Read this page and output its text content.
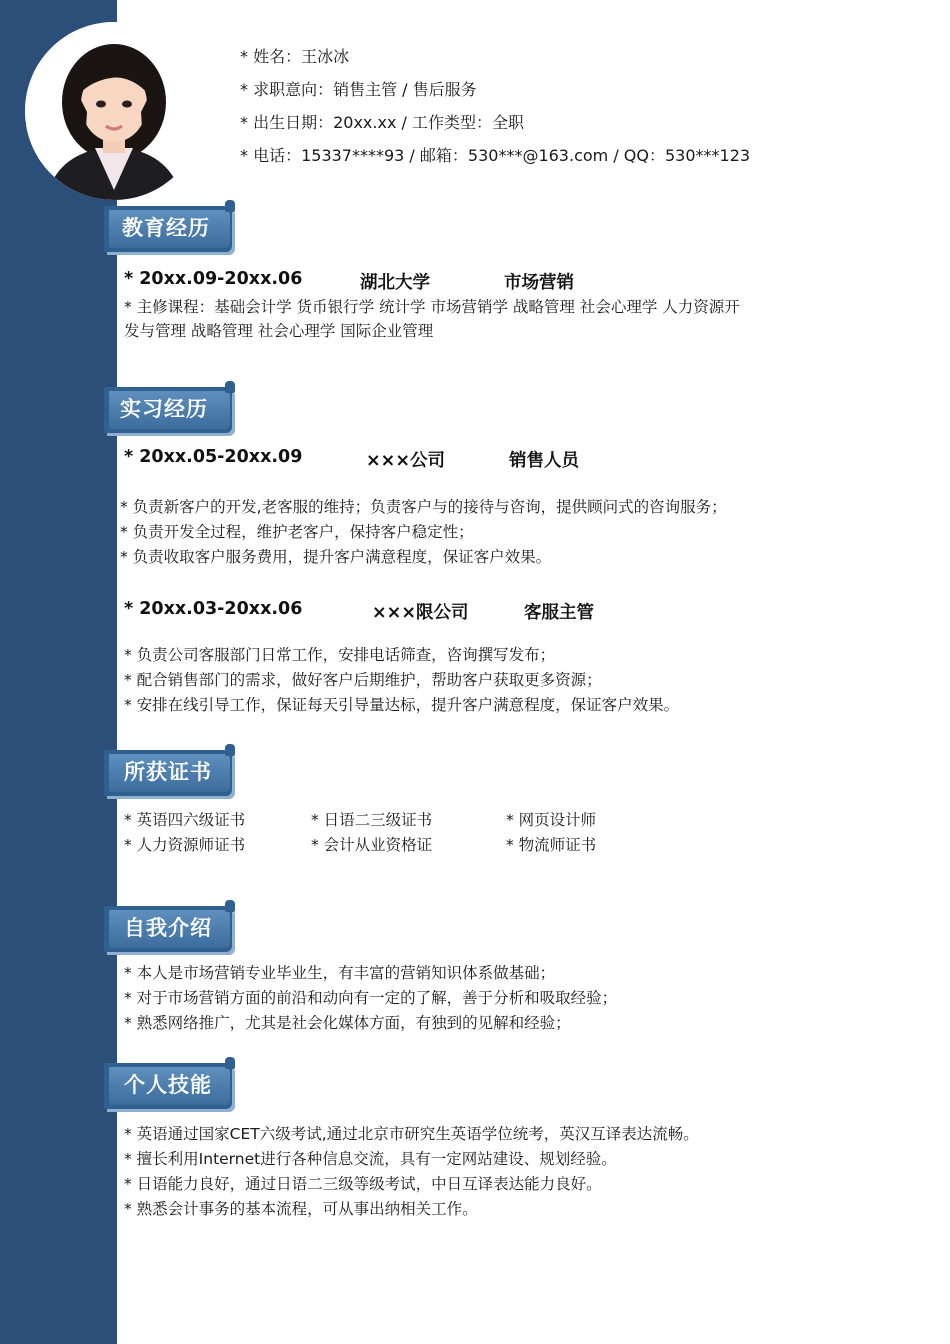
* 姓名：王冰冰
* 求职意向：销售主管 / 售后服务
* 出生日期：20xx.xx / 工作类型：全职
* 电话：15337****93 / 邮箱：530***@163.com / QQ：530***123
教育经历
* 20xx.09-20xx.06	湖北大学	市场营销
* 主修课程：基础会计学 货币银行学 统计学 市场营销学 战略管理 社会心理学 人力资源开
发与管理 战略管理 社会心理学 国际企业管理
实习经历
* 20xx.05-20xx.09	×××公司	销售人员
* 负责新客户的开发,老客服的维持；负责客户与的接待与咨询，提供顾问式的咨询服务；
* 负责开发全过程，维护老客户，保持客户稳定性；
* 负责收取客户服务费用，提升客户满意程度，保证客户效果。
* 20xx.03-20xx.06	×××限公司	客服主管
* 负责公司客服部门日常工作，安排电话筛查，咨询撰写发布；
* 配合销售部门的需求，做好客户后期维护，帮助客户获取更多资源；
* 安排在线引导工作，保证每天引导量达标，提升客户满意程度，保证客户效果。
所获证书
* 英语四六级证书	* 日语二三级证书	* 网页设计师
* 人力资源师证书	* 会计从业资格证	* 物流师证书
自我介绍
* 本人是市场营销专业毕业生，有丰富的营销知识体系做基础；
* 对于市场营销方面的前沿和动向有一定的了解，善于分析和吸取经验；
* 熟悉网络推广，尤其是社会化媒体方面，有独到的见解和经验；
个人技能
* 英语通过国家CET六级考试,通过北京市研究生英语学位统考，英汉互译表达流畅。
* 擅长利用Internet进行各种信息交流，具有一定网站建设、规划经验。
* 日语能力良好，通过日语二三级等级考试，中日互译表达能力良好。
* 熟悉会计事务的基本流程，可从事出纳相关工作。
